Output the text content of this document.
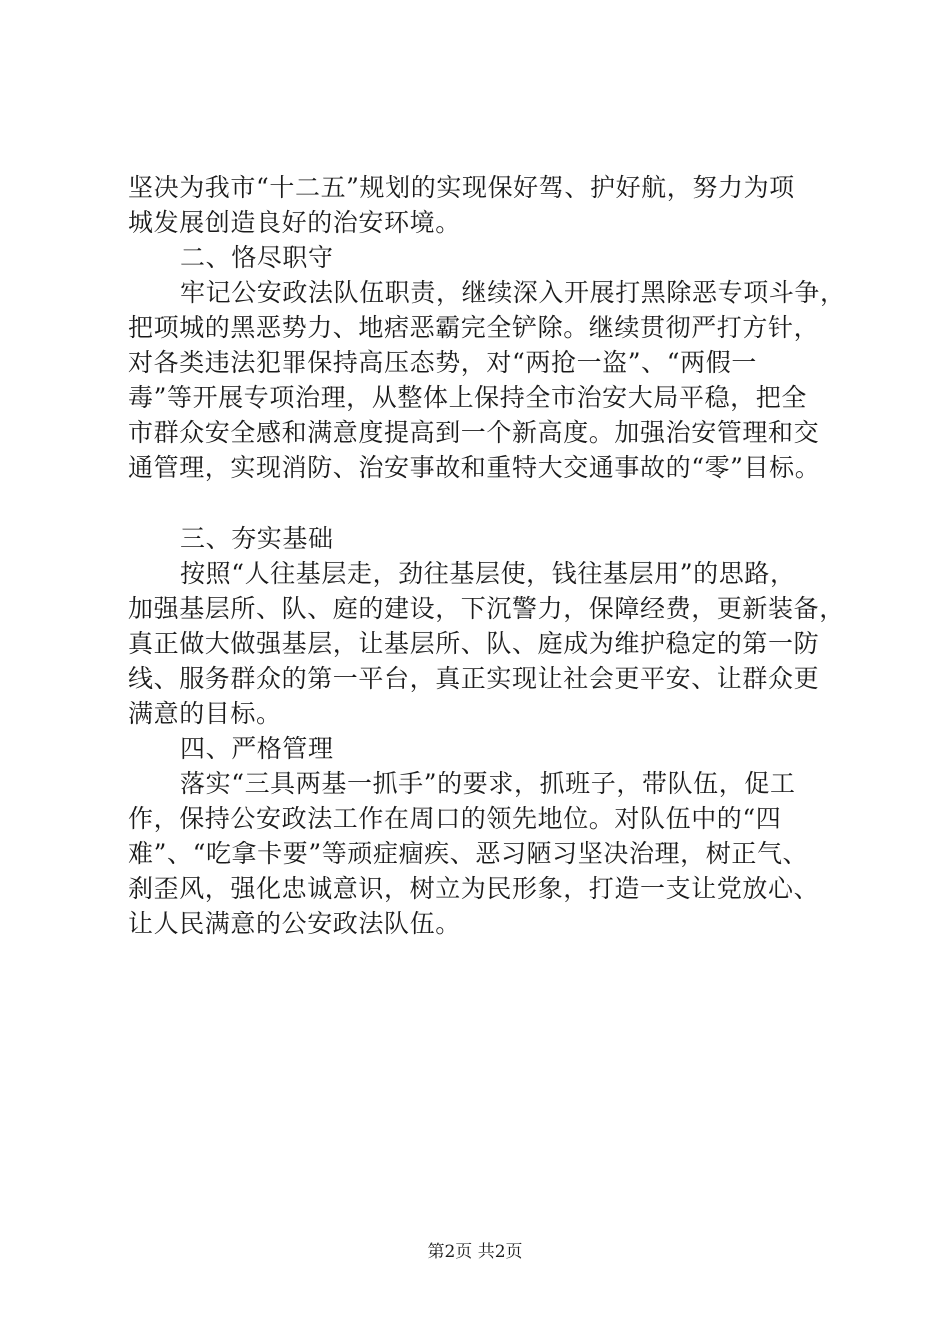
坚决为我市“十二五”规划的实现保好驾、护好航，努力为项
城发展创造良好的治安环境。
二、恪尽职守
牢记公安政法队伍职责，继续深入开展打黑除恶专项斗争，
把项城的黑恶势力、地痞恶霸完全铲除。继续贯彻严打方针，
对各类违法犯罪保持高压态势，对“两抢一盗”、“两假一
毒”等开展专项治理，从整体上保持全市治安大局平稳，把全
市群众安全感和满意度提高到一个新高度。加强治安管理和交
通管理，实现消防、治安事故和重特大交通事故的“零”目标。
三、夯实基础
按照“人往基层走，劲往基层使，钱往基层用”的思路，
加强基层所、队、庭的建设，下沉警力，保障经费，更新装备，
真正做大做强基层，让基层所、队、庭成为维护稳定的第一防
线、服务群众的第一平台，真正实现让社会更平安、让群众更
满意的目标。
四、严格管理
落实“三具两基一抓手”的要求，抓班子，带队伍，促工
作，保持公安政法工作在周口的领先地位。对队伍中的“四
难”、“吃拿卡要”等顽症痼疾、恶习陋习坚决治理，树正气、
刹歪风，强化忠诚意识，树立为民形象，打造一支让党放心、
让人民满意的公安政法队伍。
第2页 共2页
